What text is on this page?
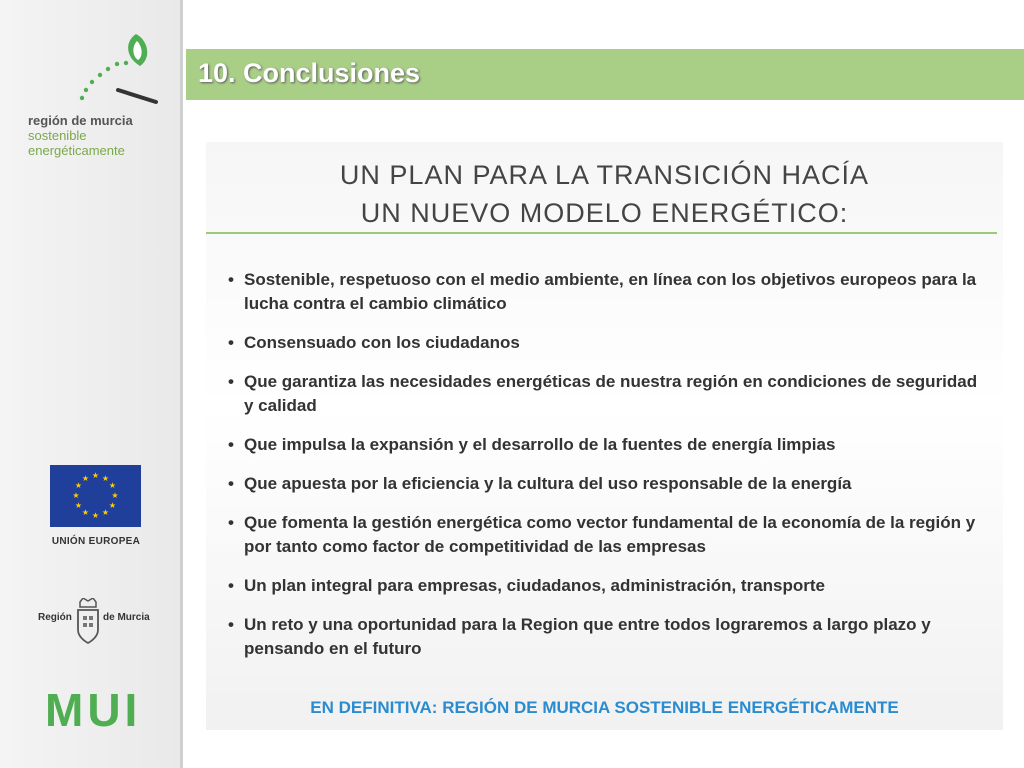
región de murcia
sostenible
energéticamente
★ ★
★
★
★
★
★
★
★
★
★
★
UNIÓN EUROPEA
Región	de Murcia
MUI
10. Conclusiones
UN PLAN PARA LA TRANSICIÓN HACÍA
UN NUEVO MODELO ENERGÉTICO:
• Sostenible, respetuoso con el medio ambiente, en línea con los objetivos europeos para la lucha contra el cambio climático
• Consensuado con los ciudadanos
• Que garantiza las necesidades energéticas de nuestra región en condiciones de seguridad y calidad
• Que impulsa la expansión y el desarrollo de la fuentes de energía limpias
• Que apuesta por la eficiencia y la cultura del uso responsable de la energía
• Que fomenta la gestión energética como vector fundamental de la economía de la región y por tanto como factor de competitividad de las empresas
• Un plan integral para empresas, ciudadanos, administración, transporte
• Un reto y una oportunidad para la Region que entre todos lograremos a largo plazo y pensando en el futuro
EN DEFINITIVA: REGIÓN DE MURCIA SOSTENIBLE ENERGÉTICAMENTE
